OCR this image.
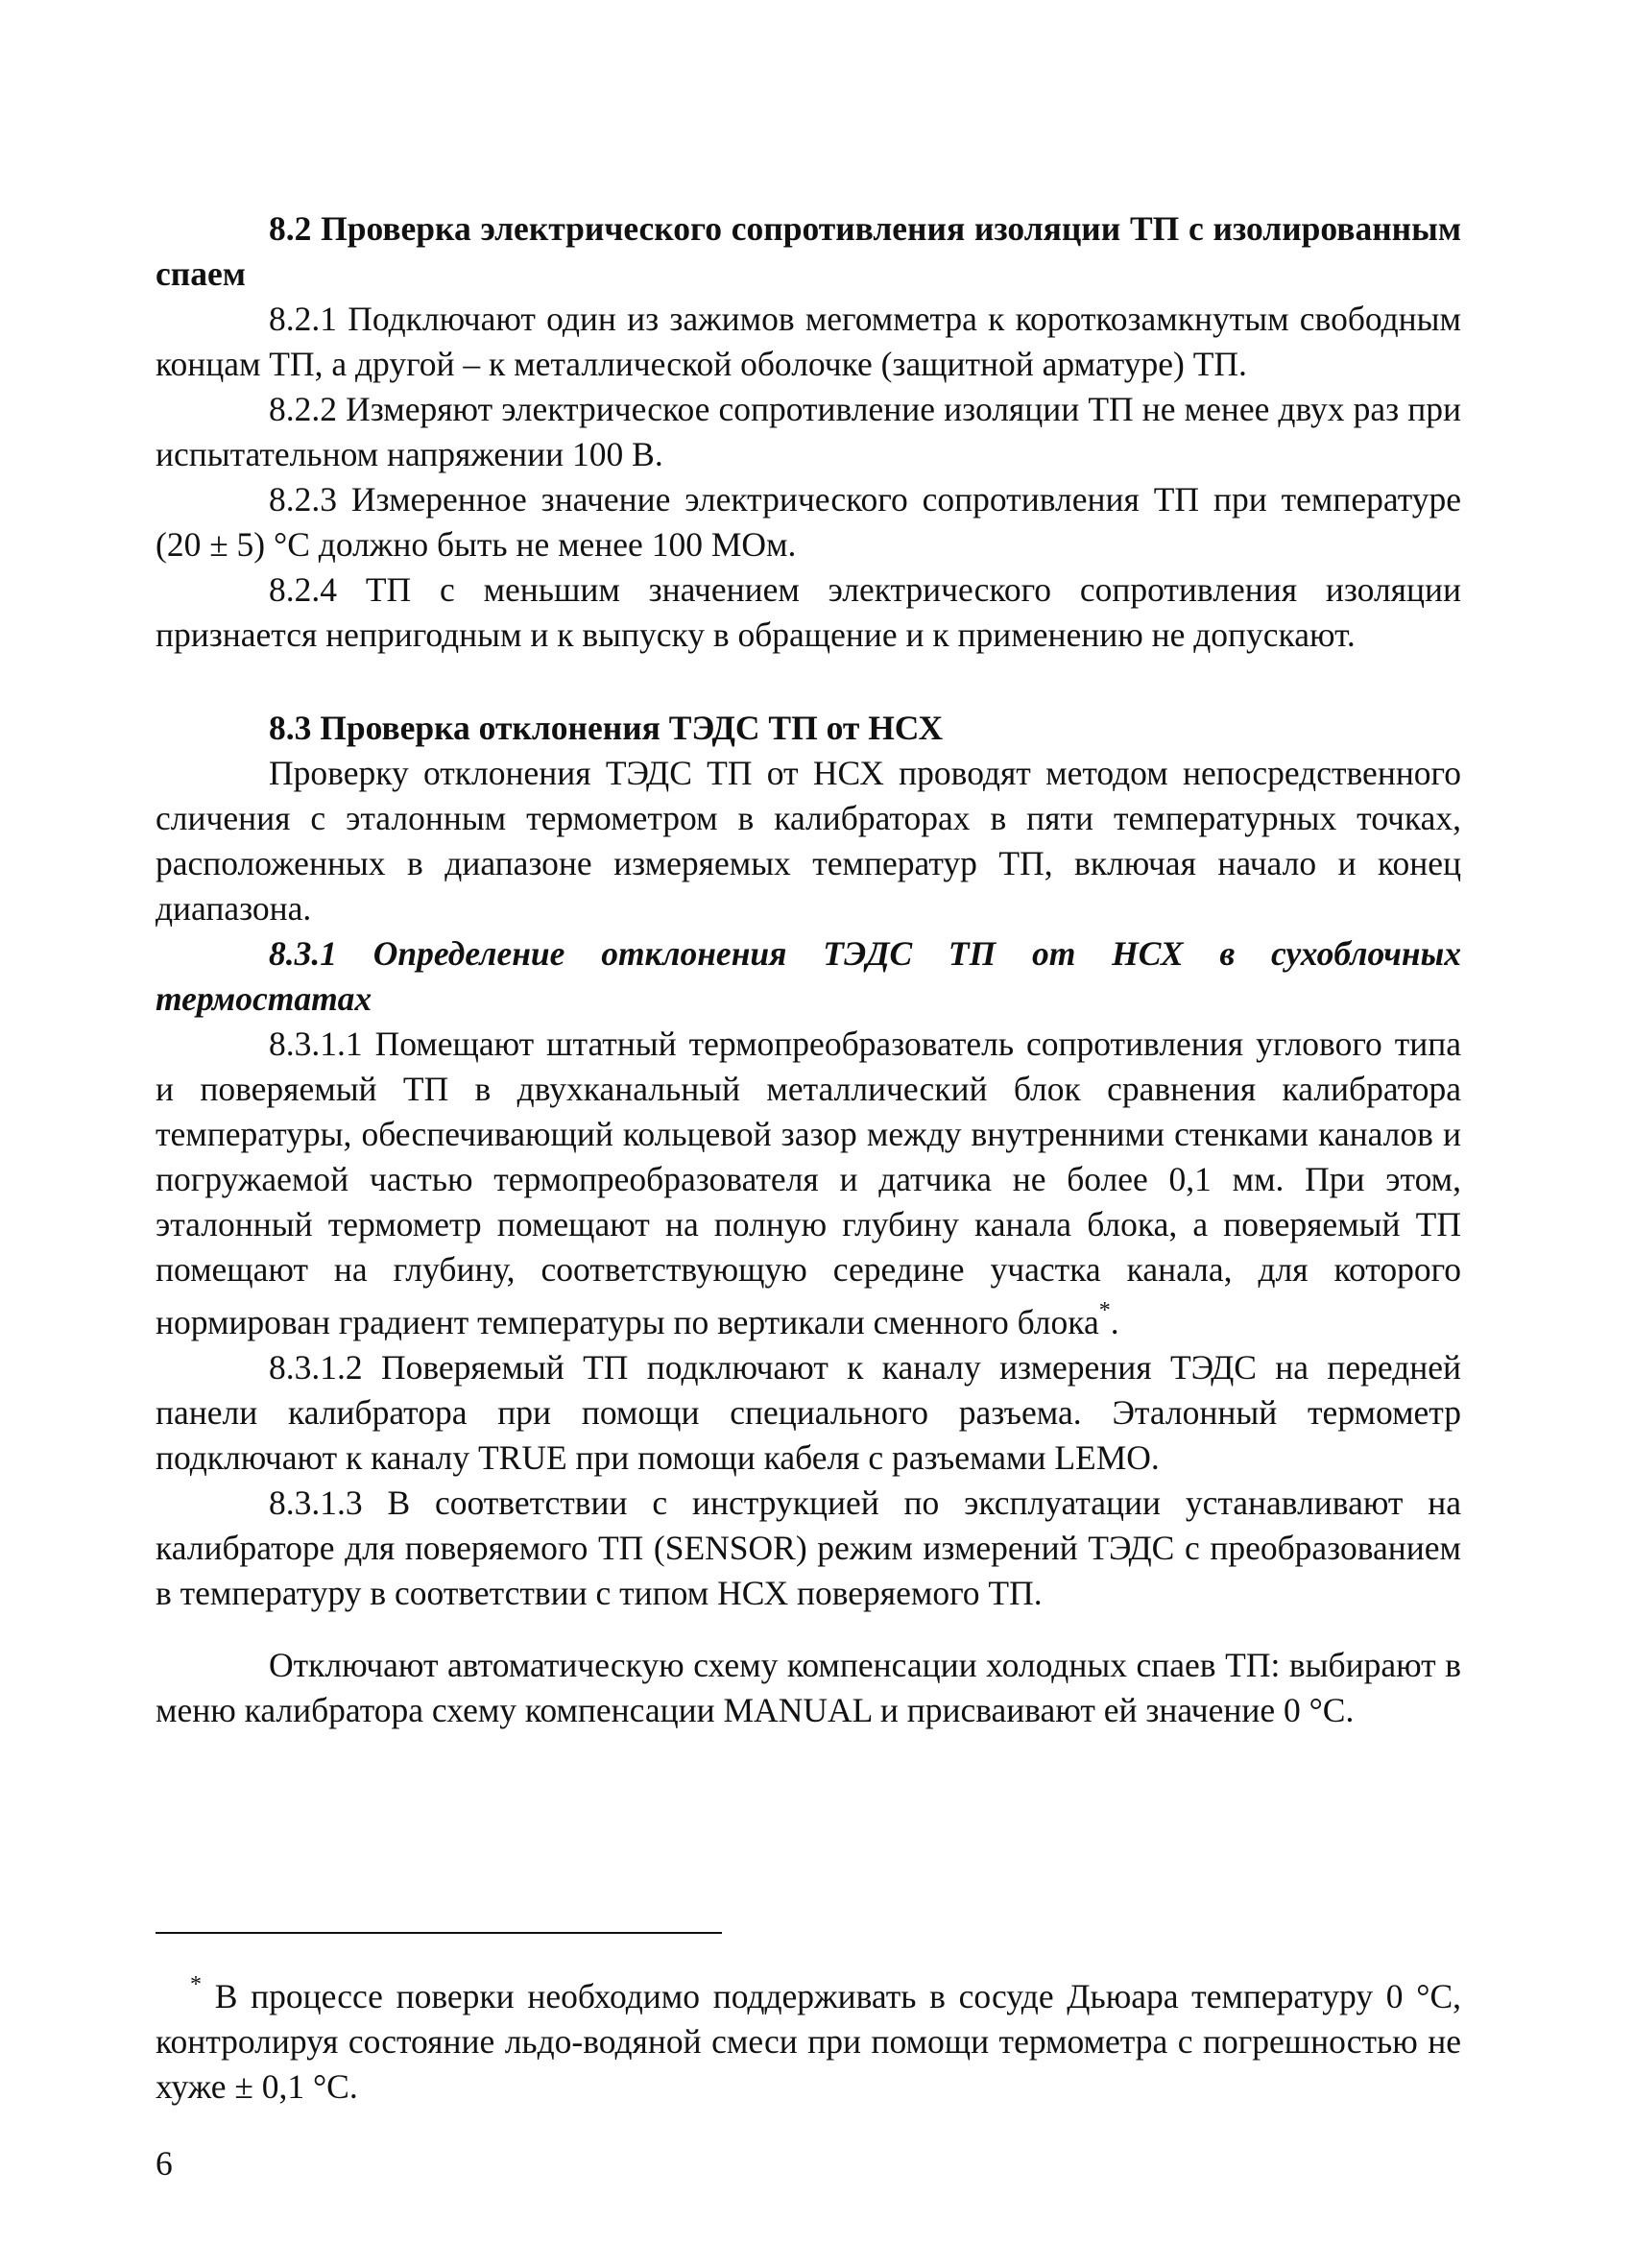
8.2 Проверка электрического сопротивления изоляции ТП с изолированным спаем

8.2.1 Подключают один из зажимов мегомметра к короткозамкнутым свободным концам ТП, а другой – к металлической оболочке (защитной арматуре) ТП.

8.2.2 Измеряют электрическое сопротивление изоляции ТП не менее двух раз при испытательном напряжении 100 В.

8.2.3 Измеренное значение электрического сопротивления ТП при температуре (20 ± 5) °С должно быть не менее 100 МОм.

8.2.4 ТП с меньшим значением электрического сопротивления изоляции признается непригодным и к выпуску в обращение и к применению не допускают.

8.3 Проверка отклонения ТЭДС ТП от НСХ

Проверку отклонения ТЭДС ТП от НСХ проводят методом непосредственного сличения с эталонным термометром в калибраторах в пяти температурных точках, расположенных в диапазоне измеряемых температур ТП, включая начало и конец диапазона.

8.3.1 Определение отклонения ТЭДС ТП от НСХ в сухоблочных термостатах

8.3.1.1 Помещают штатный термопреобразователь сопротивления углового типа и поверяемый ТП в двухканальный металлический блок сравнения калибратора температуры, обеспечивающий кольцевой зазор между внутренними стенками каналов и погружаемой частью термопреобразователя и датчика не более 0,1 мм. При этом, эталонный термометр помещают на полную глубину канала блока, а поверяемый ТП помещают на глубину, соответствующую середине участка канала, для которого нормирован градиент температуры по вертикали сменного блока*.

8.3.1.2 Поверяемый ТП подключают к каналу измерения ТЭДС на передней панели калибратора при помощи специального разъема. Эталонный термометр подключают к каналу TRUE при помощи кабеля с разъемами LEMO.

8.3.1.3 В соответствии с инструкцией по эксплуатации устанавливают на калибраторе для поверяемого ТП (SENSOR) режим измерений ТЭДС с преобразованием в температуру в соответствии с типом НСХ поверяемого ТП.

Отключают автоматическую схему компенсации холодных спаев ТП: выбирают в меню калибратора схему компенсации MANUAL и присваивают ей значение 0 °С.

* В процессе поверки необходимо поддерживать в сосуде Дьюара температуру 0 °С, контролируя состояние льдо-водяной смеси при помощи термометра с погрешностью не хуже ± 0,1 °С.

6
